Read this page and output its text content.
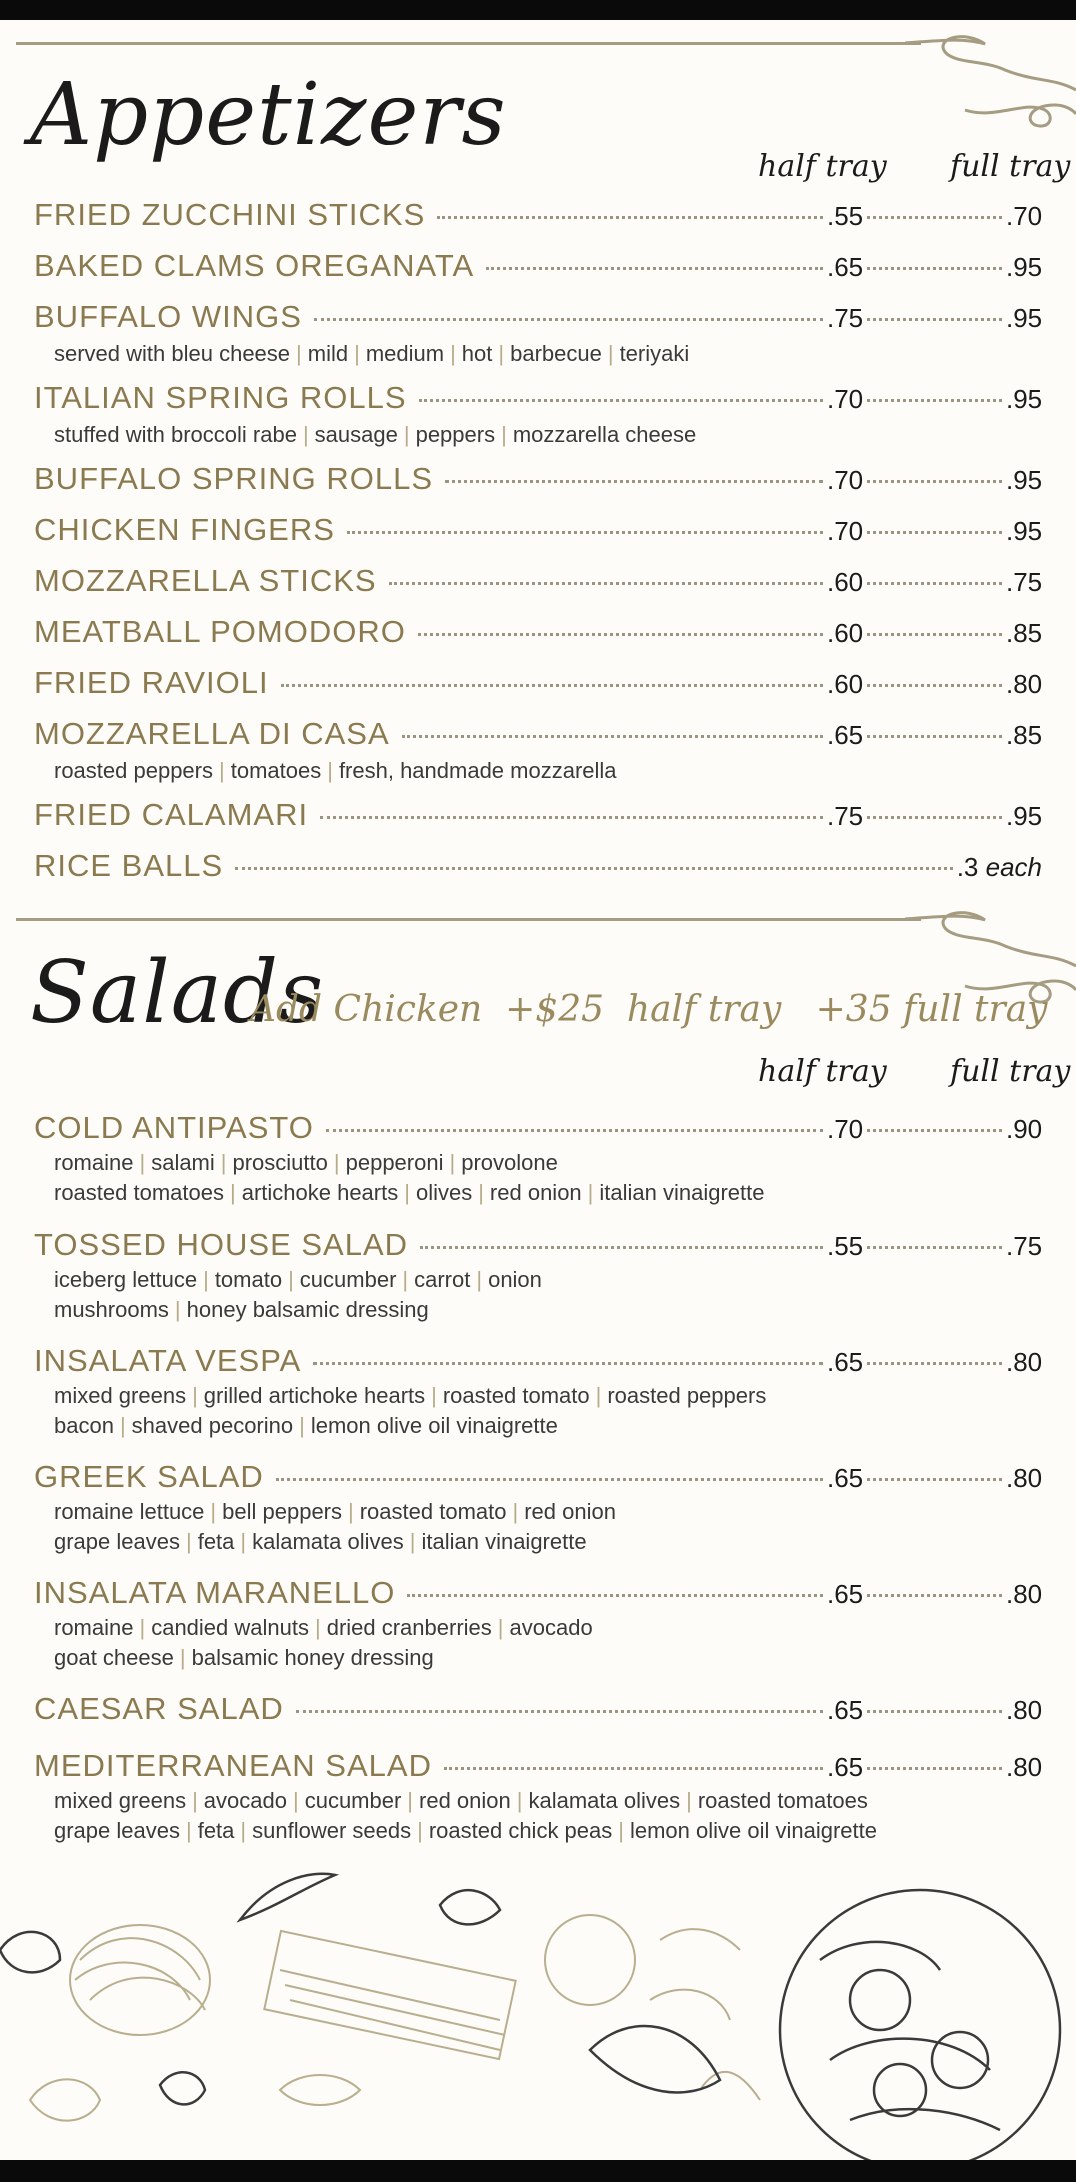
Appetizers
half tray full tray
FRIED ZUCCHINI STICKS	.55	.70
BAKED CLAMS OREGANATA	.65	.95
BUFFALO WINGS	.75	.95
served with bleu cheese | mild | medium | hot | barbecue | teriyaki
ITALIAN SPRING ROLLS	.70	.95
stuffed with broccoli rabe | sausage | peppers | mozzarella cheese
BUFFALO SPRING ROLLS	.70	.95
CHICKEN FINGERS	.70	.95
MOZZARELLA STICKS	.60	.75
MEATBALL POMODORO	.60	.85
FRIED RAVIOLI	.60	.80
MOZZARELLA DI CASA	.65	.85
roasted peppers | tomatoes | fresh, handmade mozzarella
FRIED CALAMARI	.75	.95
RICE BALLS	.3 each
Salads
Add Chicken  +$25  half tray   +35 full tray
half tray full tray
COLD ANTIPASTO	.70	.90
romaine | salami | prosciutto | pepperoni | provolone
roasted tomatoes | artichoke hearts | olives | red onion | italian vinaigrette
TOSSED HOUSE SALAD	.55	.75
iceberg lettuce | tomato | cucumber | carrot | onion
mushrooms | honey balsamic dressing
INSALATA VESPA	.65	.80
mixed greens | grilled artichoke hearts | roasted tomato | roasted peppers
bacon | shaved pecorino | lemon olive oil vinaigrette
GREEK SALAD	.65	.80
romaine lettuce | bell peppers | roasted tomato | red onion
grape leaves | feta | kalamata olives | italian vinaigrette
INSALATA MARANELLO	.65	.80
romaine | candied walnuts | dried cranberries | avocado
goat cheese | balsamic honey dressing
CAESAR SALAD	.65	.80
MEDITERRANEAN SALAD	.65	.80
mixed greens | avocado | cucumber | red onion | kalamata olives | roasted tomatoes
grape leaves | feta | sunflower seeds | roasted chick peas | lemon olive oil vinaigrette
